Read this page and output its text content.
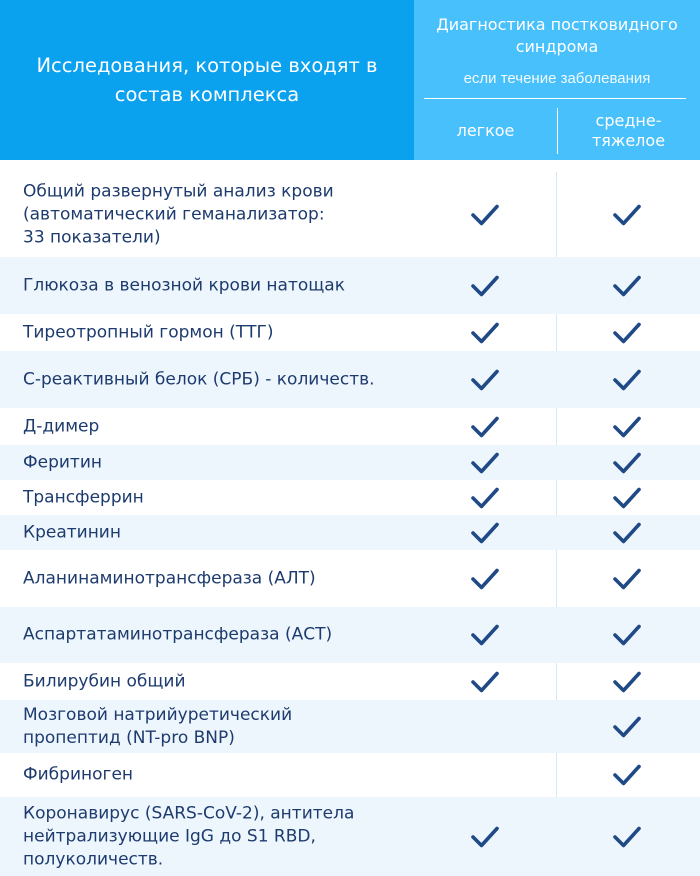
Исследования, которые входят в состав комплекса
Диагностика постковидного синдрома
если течение заболевания
легкое
средне-
тяжелое
Общий развернутый анализ крови
(автоматический геманализатор:
33 показатели)
Глюкоза в венозной крови натощак
Тиреотропный гормон (ТТГ)
С-реактивный белок (СРБ) - количеств.
Д-димер
Феритин
Трансферрин
Креатинин
Аланинаминотрансфераза (АЛТ)
Аспартатаминотрансфераза (АСТ)
Билирубин общий
Мозговой натрийуретический
пропептид (NT-pro BNP)
Фибриноген
Коронавирус (SARS-CoV-2), антитела
нейтрализующие IgG до S1 RBD,
полуколичеств.
